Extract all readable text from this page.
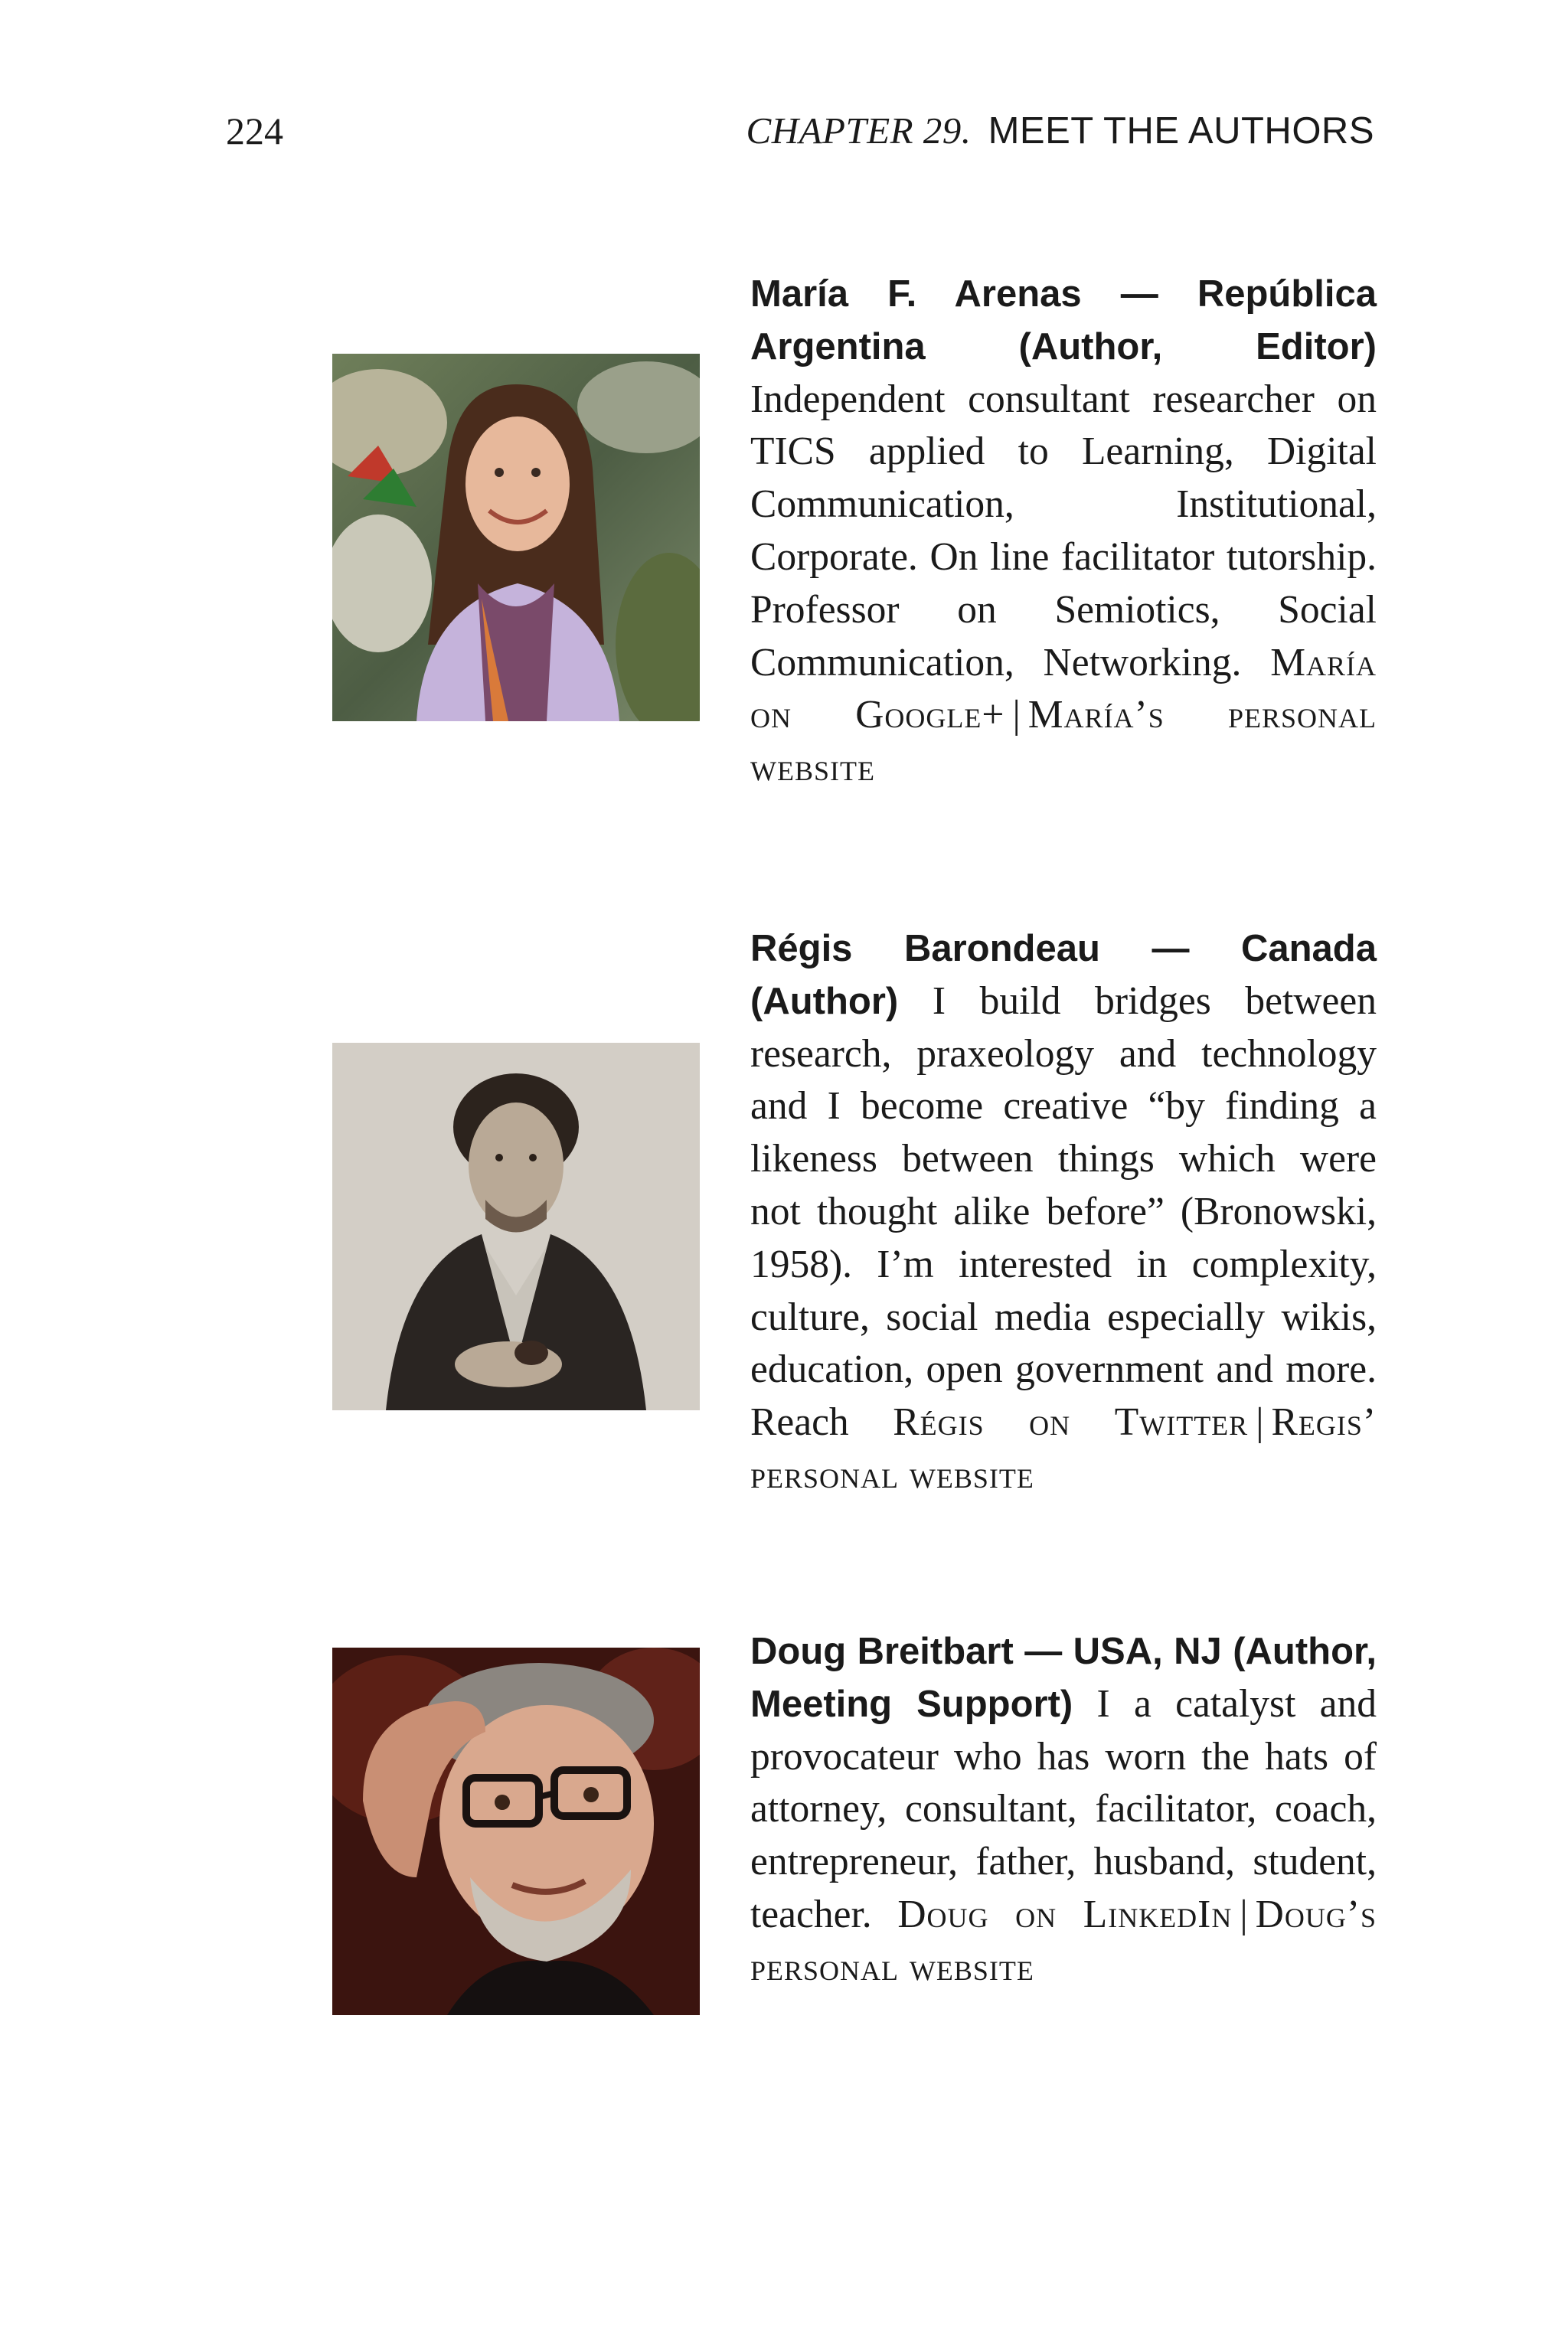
224	CHAPTER 29. MEET THE AUTHORS
María F. Arenas — República Argentina (Author, Editor) Independent consultant researcher on TICS applied to Learning, Digital Communication, Institutional, Corporate. On line facilitator tutorship. Professor on Semiotics, Social Communication, Networking. María on Google+ | María’s personal website
Régis Barondeau — Canada (Author) I build bridges between research, praxeology and technology and I become creative “by finding a likeness between things which were not thought alike before” (Bronowski, 1958). I’m interested in complexity, culture, social media especially wikis, education, open government and more. Reach Régis on Twitter | Regis’ personal website
Doug Breitbart — USA, NJ (Author, Meeting Support) I a catalyst and provocateur who has worn the hats of attorney, consultant, facilitator, coach, entrepreneur, father, husband, student, teacher. Doug on LinkedIn | Doug’s personal website
